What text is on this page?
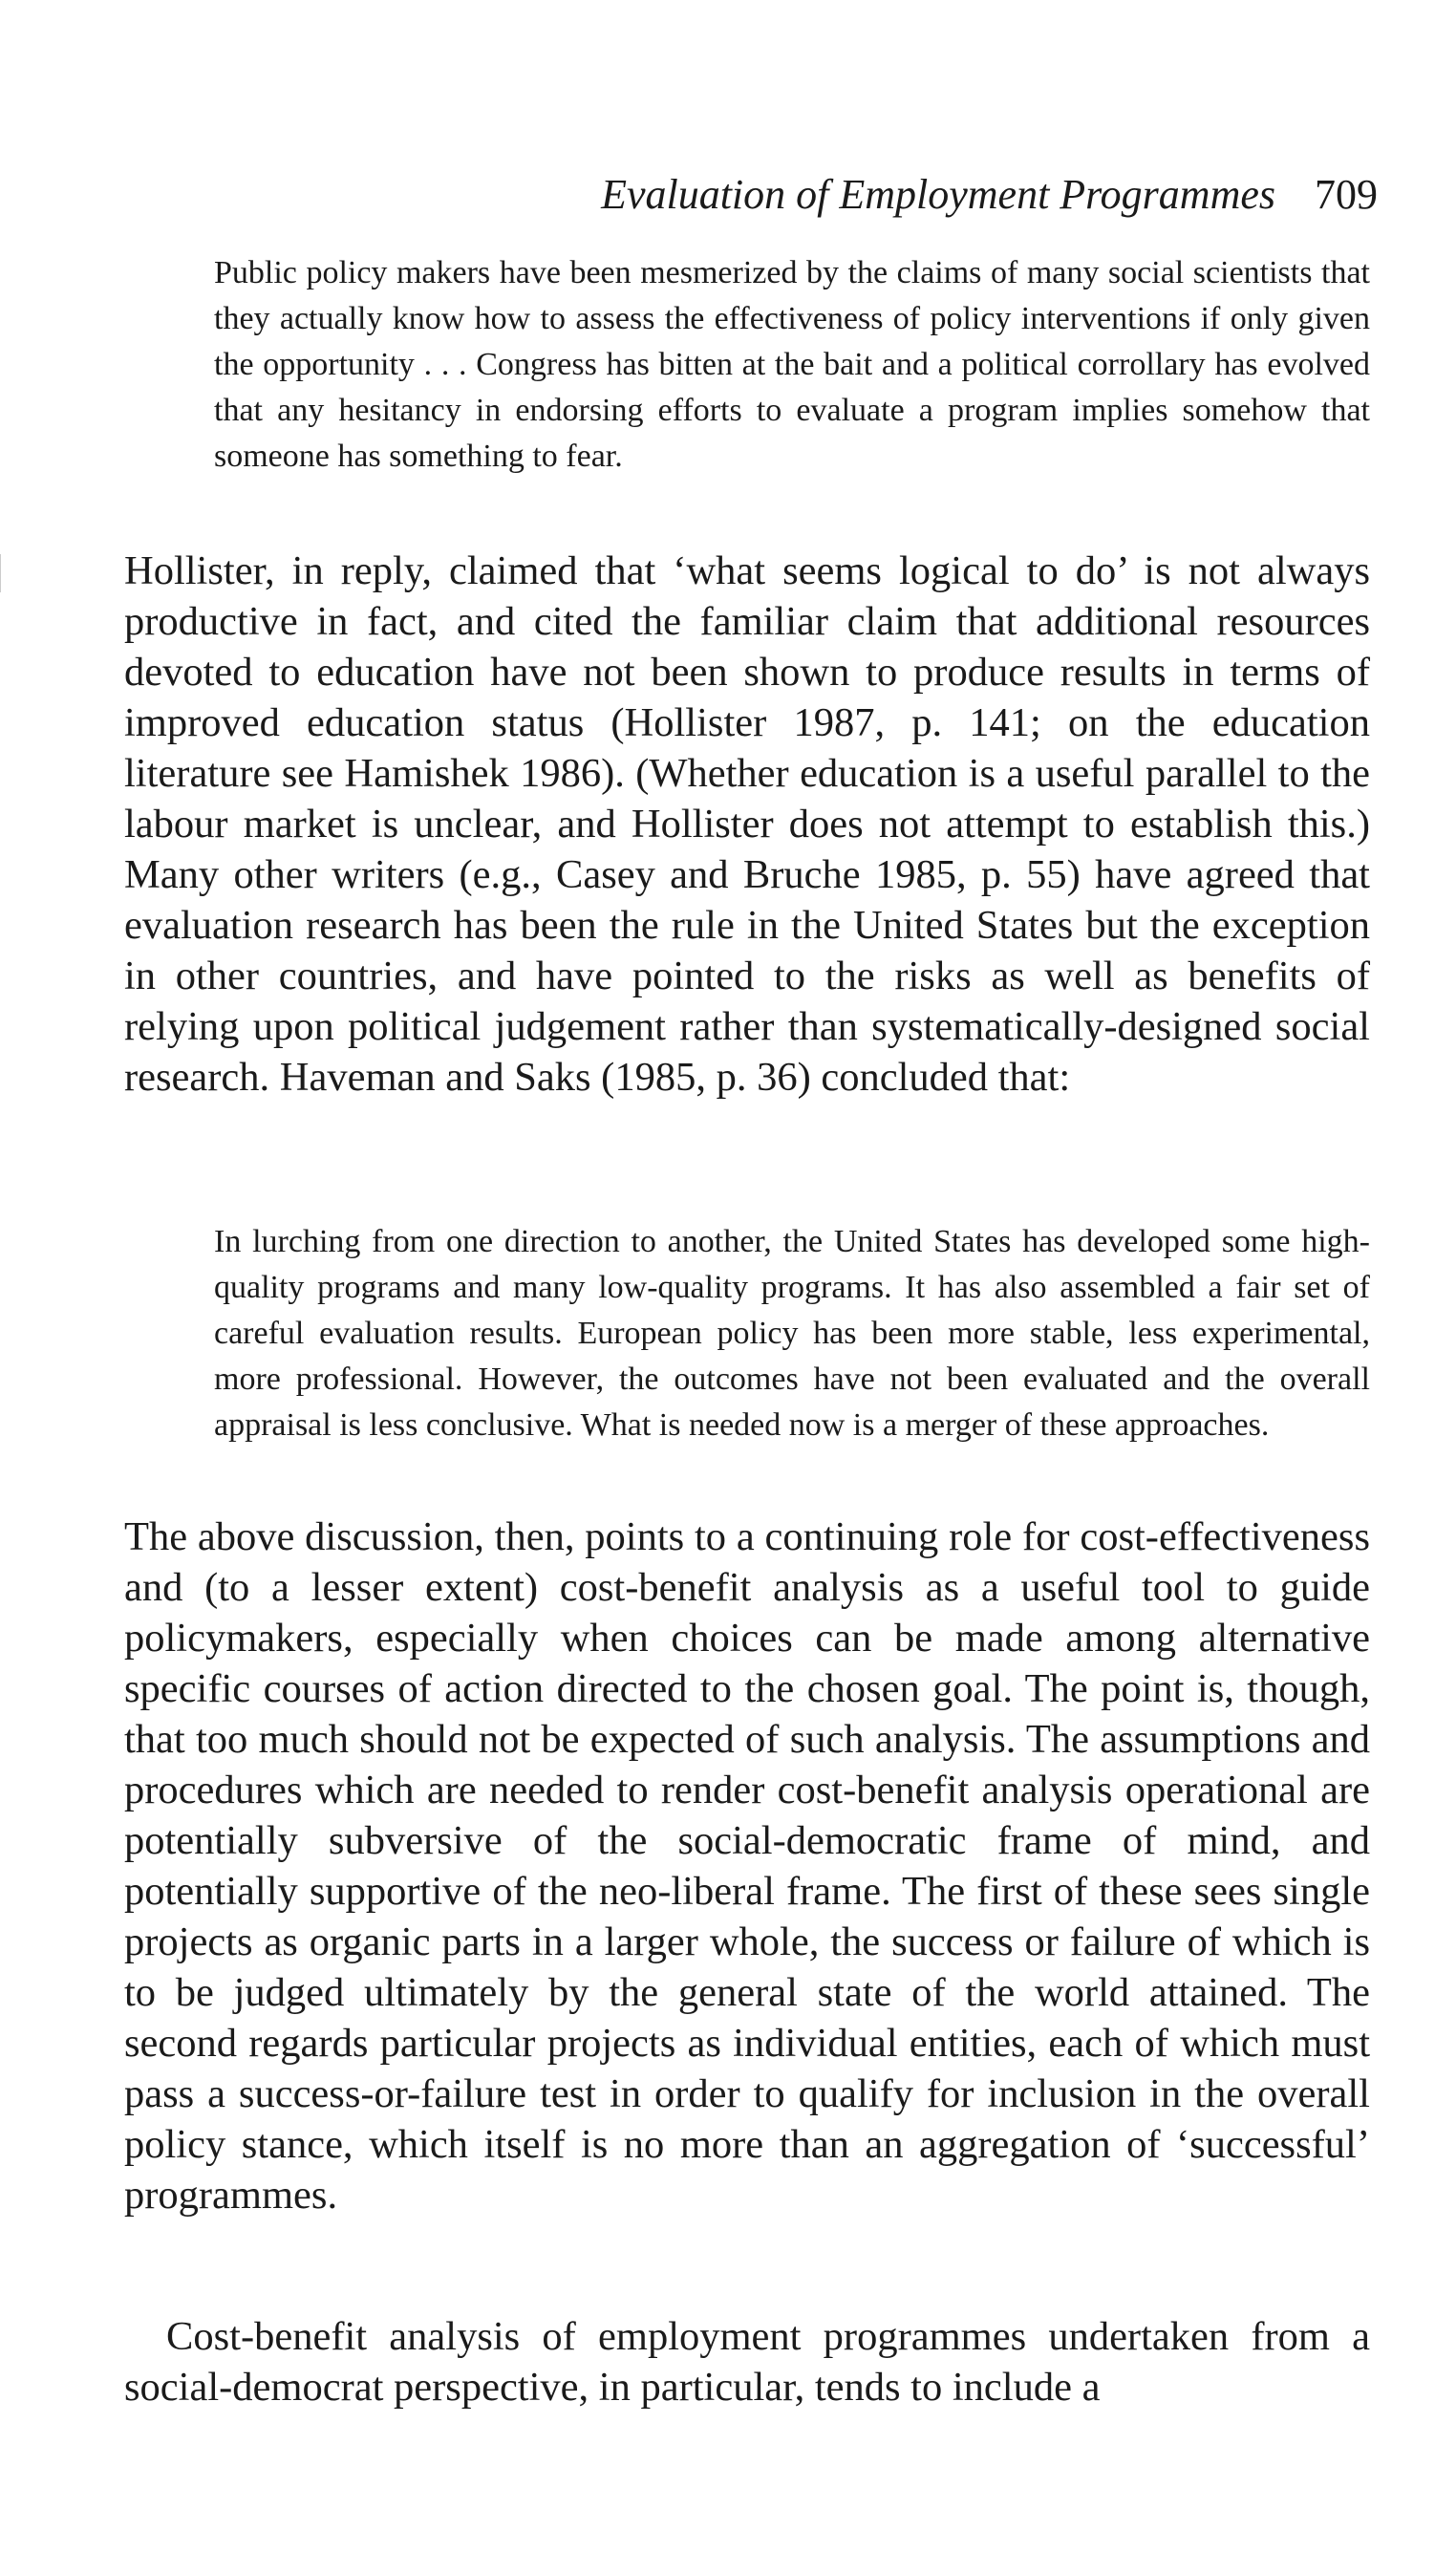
Evaluation of Employment Programmes 709

Public policy makers have been mesmerized by the claims of many social scientists that they actually know how to assess the effectiveness of policy interventions if only given the opportunity . . . Congress has bitten at the bait and a political corrollary has evolved that any hesitancy in endorsing efforts to evaluate a program implies somehow that someone has something to fear.

Hollister, in reply, claimed that ‘what seems logical to do’ is not always productive in fact, and cited the familiar claim that additional resources devoted to education have not been shown to produce results in terms of improved education status (Hollister 1987, p. 141; on the education literature see Hamishek 1986). (Whether education is a useful parallel to the labour market is unclear, and Hollister does not attempt to establish this.) Many other writers (e.g., Casey and Bruche 1985, p. 55) have agreed that evaluation research has been the rule in the United States but the exception in other countries, and have pointed to the risks as well as benefits of relying upon political judgement rather than systematically-designed social research. Haveman and Saks (1985, p. 36) concluded that:

In lurching from one direction to another, the United States has developed some high-quality programs and many low-quality programs. It has also assembled a fair set of careful evaluation results. European policy has been more stable, less experimental, more professional. However, the outcomes have not been evaluated and the overall appraisal is less conclusive. What is needed now is a merger of these approaches.

The above discussion, then, points to a continuing role for cost-effectiveness and (to a lesser extent) cost-benefit analysis as a useful tool to guide policymakers, especially when choices can be made among alternative specific courses of action directed to the chosen goal. The point is, though, that too much should not be expected of such analysis. The assumptions and procedures which are needed to render cost-benefit analysis operational are potentially subversive of the social-democratic frame of mind, and potentially supportive of the neo-liberal frame. The first of these sees single projects as organic parts in a larger whole, the success or failure of which is to be judged ultimately by the general state of the world attained. The second regards particular projects as individual entities, each of which must pass a success-or-failure test in order to qualify for inclusion in the overall policy stance, which itself is no more than an aggregation of ‘successful’ programmes.

Cost-benefit analysis of employment programmes undertaken from a social-democrat perspective, in particular, tends to include a
